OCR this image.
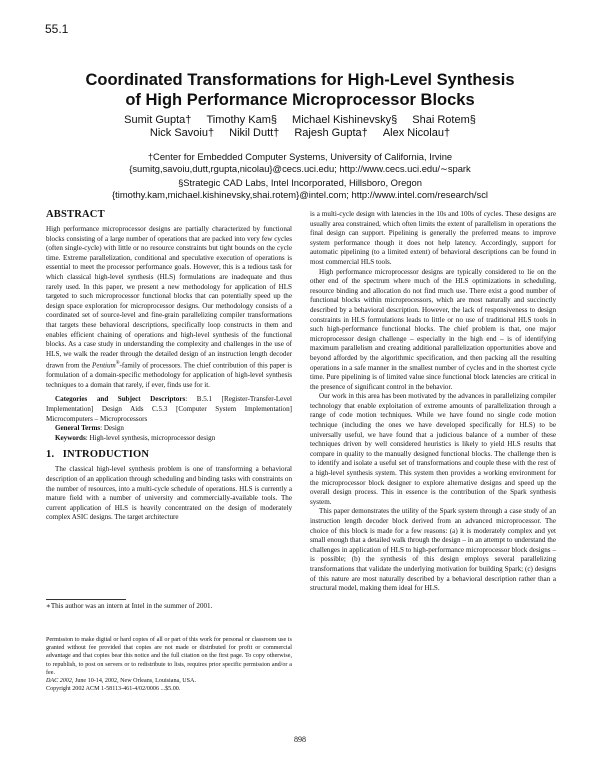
55.1
Coordinated Transformations for High-Level Synthesis
of High Performance Microprocessor Blocks
Sumit Gupta† Timothy Kam§ Michael Kishinevsky§ Shai Rotem§
Nick Savoiu† Nikil Dutt† Rajesh Gupta† Alex Nicolau†
†Center for Embedded Computer Systems, University of California, Irvine
{sumitg,savoiu,dutt,rgupta,nicolau}@cecs.uci.edu; http://www.cecs.uci.edu/∼spark
§Strategic CAD Labs, Intel Incorporated, Hillsboro, Oregon
{timothy.kam,michael.kishinevsky,shai.rotem}@intel.com; http://www.intel.com/research/scl
ABSTRACT

High performance microprocessor designs are partially characterized by functional blocks consisting of a large number of operations that are packed into very few cycles (often single-cycle) with little or no resource constraints but tight bounds on the cycle time. Extreme parallelization, conditional and speculative execution of operations is essential to meet the processor performance goals. However, this is a tedious task for which classical high-level synthesis (HLS) formulations are inadequate and thus rarely used. In this paper, we present a new methodology for application of HLS targeted to such microprocessor functional blocks that can potentially speed up the design space exploration for microprocessor designs. Our methodology consists of a coordinated set of source-level and fine-grain parallelizing compiler transformations that targets these behavioral descriptions, specifically loop constructs in them and enables efficient chaining of operations and high-level synthesis of the functional blocks. As a case study in understanding the complexity and challenges in the use of HLS, we walk the reader through the detailed design of an instruction length decoder drawn from the Pentium®-family of processors. The chief contribution of this paper is formulation of a domain-specific methodology for application of high-level synthesis techniques to a domain that rarely, if ever, finds use for it.

Categories and Subject Descriptors: B.5.1 [Register-Transfer-Level Implementation] Design Aids C.5.3 [Computer System Implementation] Microcomputers – Microprocessors

General Terms: Design

Keywords: High-level synthesis, microprocessor design

1. INTRODUCTION

The classical high-level synthesis problem is one of transforming a behavioral description of an application through scheduling and binding tasks with constraints on the number of resources, into a multi-cycle schedule of operations. HLS is currently a mature field with a number of university and commercially-available tools. The current application of HLS is heavily concentrated on the design of moderately complex ASIC designs. The target architecture

∗This author was an intern at Intel in the summer of 2001.

Permission to make digital or hard copies of all or part of this work for personal or classroom use is granted without fee provided that copies are not made or distributed for profit or commercial advantage and that copies bear this notice and the full citation on the first page. To copy otherwise, to republish, to post on servers or to redistribute to lists, requires prior specific permission and/or a fee.

DAC 2002, June 10-14, 2002, New Orleans, Louisiana, USA.

Copyright 2002 ACM 1-58113-461-4/02/0006 ...$5.00.

is a multi-cycle design with latencies in the 10s and 100s of cycles. These designs are usually area constrained, which often limits the extent of parallelism in operations the final design can support. Pipelining is generally the preferred means to improve system performance though it does not help latency. Accordingly, support for automatic pipelining (to a limited extent) of behavioral descriptions can be found in most commercial HLS tools.

High performance microprocessor designs are typically considered to lie on the other end of the spectrum where much of the HLS optimizations in scheduling, resource binding and allocation do not find much use. There exist a good number of functional blocks within microprocessors, which are most naturally and succinctly described by a behavioral description. However, the lack of responsiveness to design constraints in HLS formulations leads to little or no use of traditional HLS tools in such high-performance functional blocks. The chief problem is that, one major microprocessor design challenge – especially in the high end – is of identifying maximum parallelism and creating additional parallelization opportunities above and beyond afforded by the algorithmic specification, and then packing all the resulting operations in a safe manner in the smallest number of cycles and in the shortest cycle time. Pure pipelining is of limited value since functional block latencies are critical in the presence of significant control in the behavior.

Our work in this area has been motivated by the advances in parallelizing compiler technology that enable exploitation of extreme amounts of parallelization through a range of code motion techniques. While we have found no single code motion technique (including the ones we have developed specifically for HLS) to be universally useful, we have found that a judicious balance of a number of these techniques driven by well considered heuristics is likely to yield HLS results that compare in quality to the manually designed functional blocks. The challenge then is to identify and isolate a useful set of transformations and couple these with the rest of a high-level synthesis system. This system then provides a working environment for the microprocessor block designer to explore alternative designs and speed up the overall design process. This in essence is the contribution of the Spark synthesis system.

This paper demonstrates the utility of the Spark system through a case study of an instruction length decoder block derived from an advanced microprocessor. The choice of this block is made for a few reasons: (a) it is moderately complex and yet small enough that a detailed walk through the design – in an attempt to understand the challenges in application of HLS to high-performance microprocessor block designs – is possible; (b) the synthesis of this design employs several parallelizing transformations that validate the underlying motivation for building Spark; (c) designs of this nature are most naturally described by a behavioral description rather than a structural model, making them ideal for HLS.

898
